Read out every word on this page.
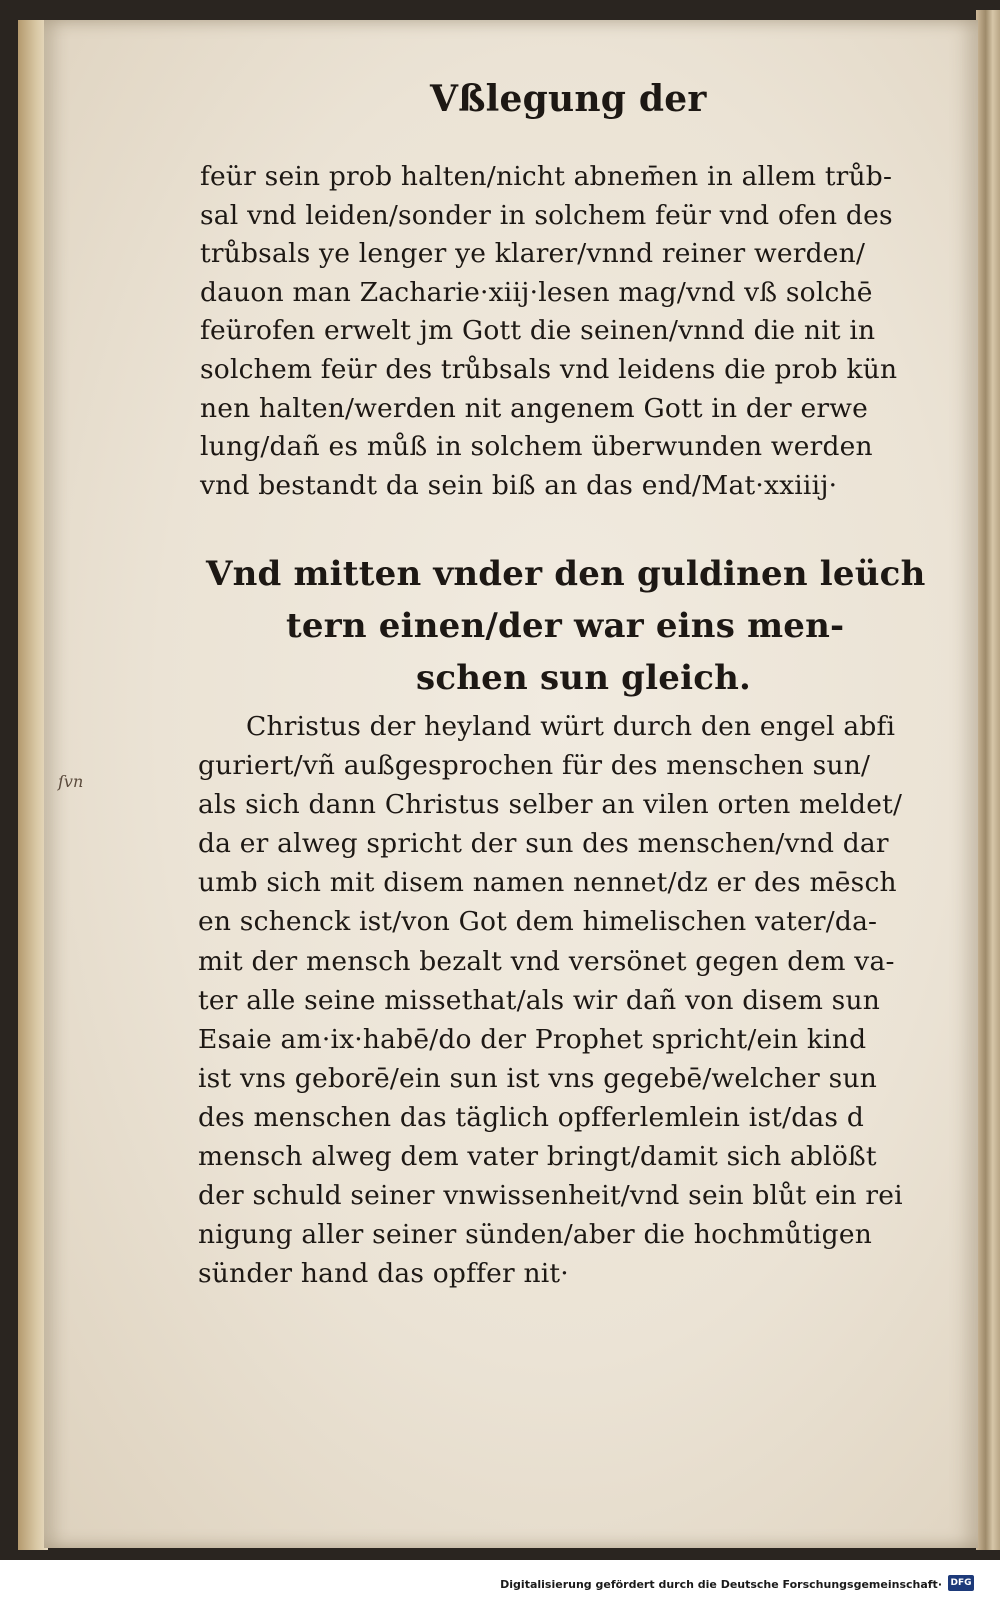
Vßlegung der
feür sein prob halten/nicht abnem̄en in allem trůb-
sal vnd leiden/sonder in solchem feür vnd ofen des
trůbsals ye lenger ye klarer/vnnd reiner werden/
dauon man Zacharie·xiij·lesen mag/vnd vß solchē
feürofen erwelt jm Gott die seinen/vnnd die nit in
solchem feür des trůbsals vnd leidens die prob kün
nen halten/werden nit angenem Gott in der erwe
lung/dañ es můß in solchem überwunden werden
vnd bestandt da sein biß an das end/Mat·xxiiij·
Vnd mitten vnder den guldinen leüch
tern einen/der war eins men-
schen sun gleich.
ſvn
Christus der heyland würt durch den engel abfi
guriert/vñ außgesprochen für des menschen sun/
als sich dann Christus selber an vilen orten meldet/
da er alweg spricht der sun des menschen/vnd dar
umb sich mit disem namen nennet/dz er des mēsch
en schenck ist/von Got dem himelischen vater/da-
mit der mensch bezalt vnd versönet gegen dem va-
ter alle seine missethat/als wir dañ von disem sun
Esaie am·ix·habē/do der Prophet spricht/ein kind
ist vns geborē/ein sun ist vns gegebē/welcher sun
des menschen das täglich opfferlemlein ist/das d
mensch alweg dem vater bringt/damit sich ablößt
der schuld seiner vnwissenheit/vnd sein blůt ein rei
nigung aller seiner sünden/aber die hochmůtigen
sünder hand das opffer nit·
Digitalisierung gefördert durch die Deutsche Forschungsgemeinschaft· DFG
